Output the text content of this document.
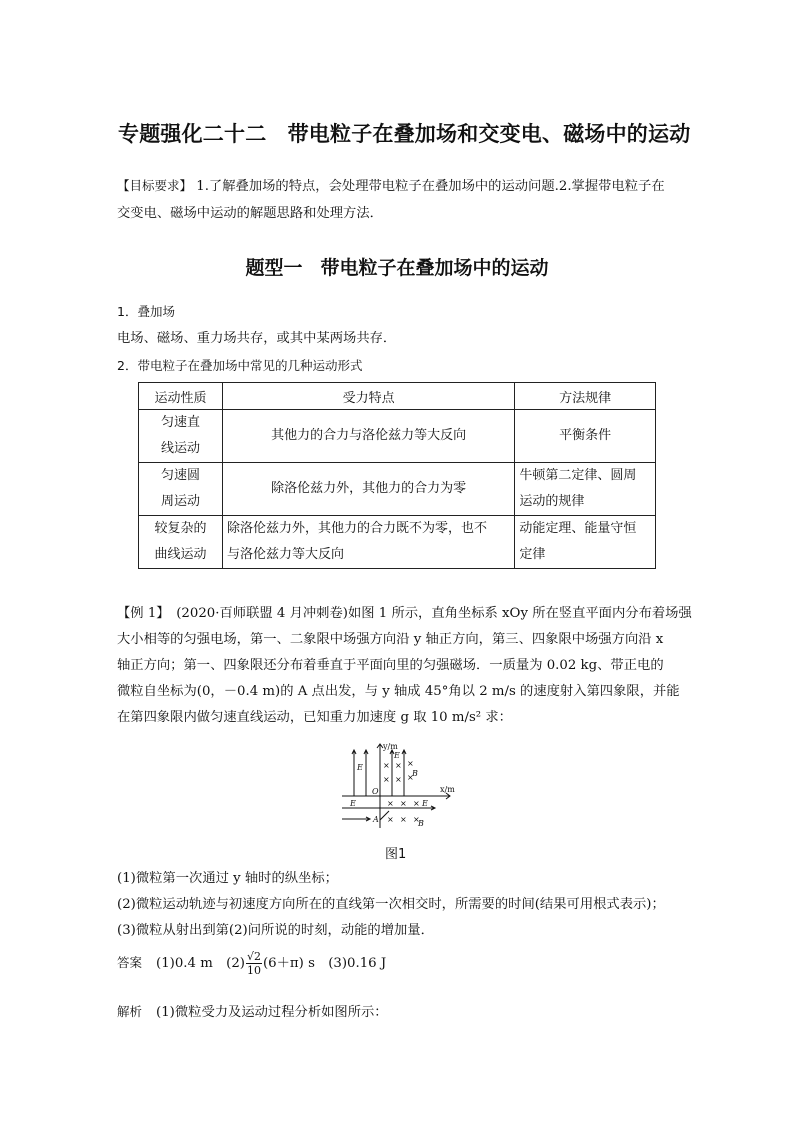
专题强化二十二　带电粒子在叠加场和交变电、磁场中的运动
【目标要求】 1.了解叠加场的特点，会处理带电粒子在叠加场中的运动问题.2.掌握带电粒子在
交变电、磁场中运动的解题思路和处理方法．
题型一 带电粒子在叠加场中的运动
1．叠加场
电场、磁场、重力场共存，或其中某两场共存．
2．带电粒子在叠加场中常见的几种运动形式
运动性质	受力特点	方法规律
匀速直
线运动	其他力的合力与洛伦兹力等大反向	平衡条件
匀速圆
周运动	除洛伦兹力外，其他力的合力为零	牛顿第二定律、圆周
运动的规律
较复杂的
曲线运动	除洛伦兹力外，其他力的合力既不为零，也不
与洛伦兹力等大反向	动能定理、能量守恒
定律
【例 1】　(2020·百师联盟 4 月冲刺卷)如图 1 所示，直角坐标系 xOy 所在竖直平面内分布着场强
大小相等的匀强电场，第一、二象限中场强方向沿 y 轴正方向，第三、四象限中场强方向沿 x
轴正方向；第一、四象限还分布着垂直于平面向里的匀强磁场．一质量为 0.02 kg、带正电的
微粒自坐标为(0，－0.4 m)的 A 点出发，与 y 轴成 45°角以 2 m/s 的速度射入第四象限，并能
在第四象限内做匀速直线运动，已知重力加速度 g 取 10 m/s² 求：
y/m
x/m
O
E
E
E	E
B
B
A
× × ×
× × ×
× × ×
× × ×
图1
(1)微粒第一次通过 y 轴时的纵坐标；
(2)微粒运动轨迹与初速度方向所在的直线第一次相交时，所需要的时间(结果可用根式表示)；
(3)微粒从射出到第(2)问所说的时刻，动能的增加量．
答案 (1)0.4 m　$(2) \frac{√2}{10} (6+\pi)$ s　(3)0.16 J
解析 (1)微粒受力及运动过程分析如图所示：
